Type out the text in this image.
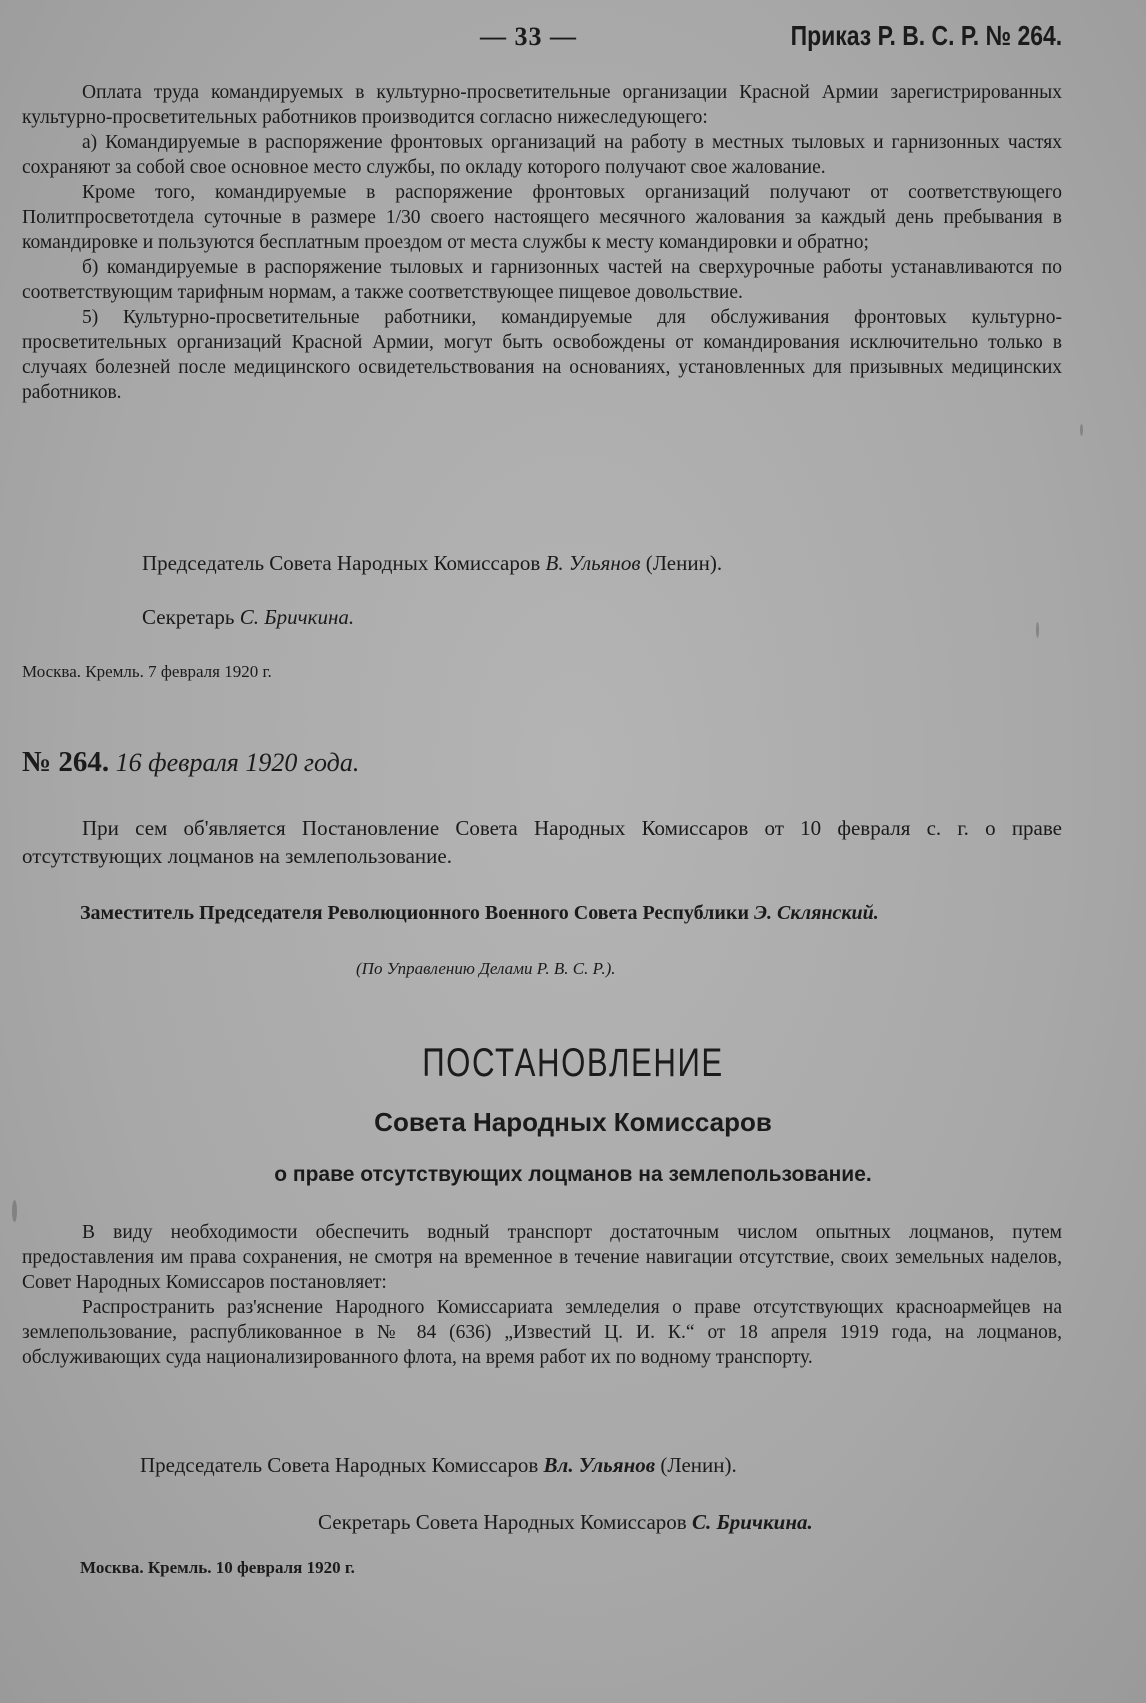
— 33 —	Приказ Р. В. С. Р. № 264.

Оплата труда командируемых в культурно-просветительные организации Красной Армии зарегистрированных культурно-просветительных работников производится согласно нижеследующего:

а) Командируемые в распоряжение фронтовых организаций на работу в местных тыловых и гарнизонных частях сохраняют за собой свое основное место службы, по окладу которого получают свое жалование.

Кроме того, командируемые в распоряжение фронтовых организаций получают от соответствующего Политпросветотдела суточные в размере 1/30 своего настоящего месячного жалования за каждый день пребывания в командировке и пользуются бесплатным проездом от места службы к месту командировки и обратно;

б) командируемые в распоряжение тыловых и гарнизонных частей на сверхурочные работы устанавливаются по соответствующим тарифным нормам, а также соответствующее пищевое довольствие.

5) Культурно-просветительные работники, командируемые для обслуживания фронтовых культурно-просветительных организаций Красной Армии, могут быть освобождены от командирования исключительно только в случаях болезней после медицинского освидетельствования на основаниях, установленных для призывных медицинских работников.

Председатель Совета Народных Комиссаров В. Ульянов (Ленин).
Секретарь С. Бричкина.
Москва. Кремль. 7 февраля 1920 г.
№ 264. 16 февраля 1920 года.

При сем об'является Постановление Совета Народных Комиссаров от 10 февраля с. г. о праве отсутствующих лоцманов на землепользование.

Заместитель Председателя Революционного Военного Совета Республики Э. Склянский.
(По Управлению Делами Р. В. С. Р.).
ПОСТАНОВЛЕНИЕ
Совета Народных Комиссаров
о праве отсутствующих лоцманов на землепользование.

В виду необходимости обеспечить водный транспорт достаточным числом опытных лоцманов, путем предоставления им права сохранения, не смотря на временное в течение навигации отсутствие, своих земельных наделов, Совет Народных Комиссаров постановляет:

Распространить раз'яснение Народного Комиссариата земледелия о праве отсутствующих красноармейцев на землепользование, распубликованное в № 84 (636) „Известий Ц. И. К.“ от 18 апреля 1919 года, на лоцманов, обслуживающих суда национализированного флота, на время работ их по водному транспорту.

Председатель Совета Народных Комиссаров Вл. Ульянов (Ленин).
Секретарь Совета Народных Комиссаров С. Бричкина.
Москва. Кремль. 10 февраля 1920 г.
